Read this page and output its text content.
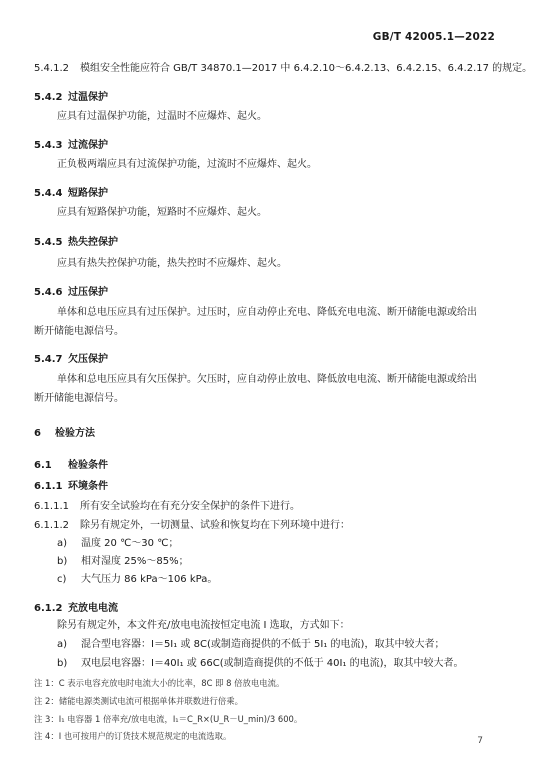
GB/T 42005.1—2022
5.4.1.2 模组安全性能应符合 GB/T 34870.1—2017 中 6.4.2.10～6.4.2.13、6.4.2.15、6.4.2.17 的规定。
5.4.2 过温保护
应具有过温保护功能，过温时不应爆炸、起火。
5.4.3 过流保护
正负极两端应具有过流保护功能，过流时不应爆炸、起火。
5.4.4 短路保护
应具有短路保护功能，短路时不应爆炸、起火。
5.4.5 热失控保护
应具有热失控保护功能，热失控时不应爆炸、起火。
5.4.6 过压保护
单体和总电压应具有过压保护。过压时，应自动停止充电、降低充电电流、断开储能电源或给出断开储能电源信号。
5.4.7 欠压保护
单体和总电压应具有欠压保护。欠压时，应自动停止放电、降低放电电流、断开储能电源或给出断开储能电源信号。
6 检验方法
6.1 检验条件
6.1.1 环境条件
6.1.1.1 所有安全试验均在有充分安全保护的条件下进行。
6.1.1.2 除另有规定外，一切测量、试验和恢复均在下列环境中进行：
a) 温度 20 ℃～30 ℃；
b) 相对湿度 25%～85%；
c) 大气压力 86 kPa～106 kPa。
6.1.2 充放电电流
除另有规定外，本文件充/放电电流按恒定电流 I 选取，方式如下：
a) 混合型电容器：I＝5I₁ 或 8C(或制造商提供的不低于 5I₁ 的电流)，取其中较大者；
b) 双电层电容器：I＝40I₁ 或 66C(或制造商提供的不低于 40I₁ 的电流)，取其中较大者。
注 1：C 表示电容充放电时电流大小的比率，8C 即 8 倍放电电流。
注 2：储能电源类测试电流可根据单体并联数进行倍乘。
注 3：I₁ 电容器 1 倍率充/放电电流，I₁＝C_R×(U_R－U_min)/3 600。
注 4：I 也可按用户的订货技术规范规定的电流选取。	7
